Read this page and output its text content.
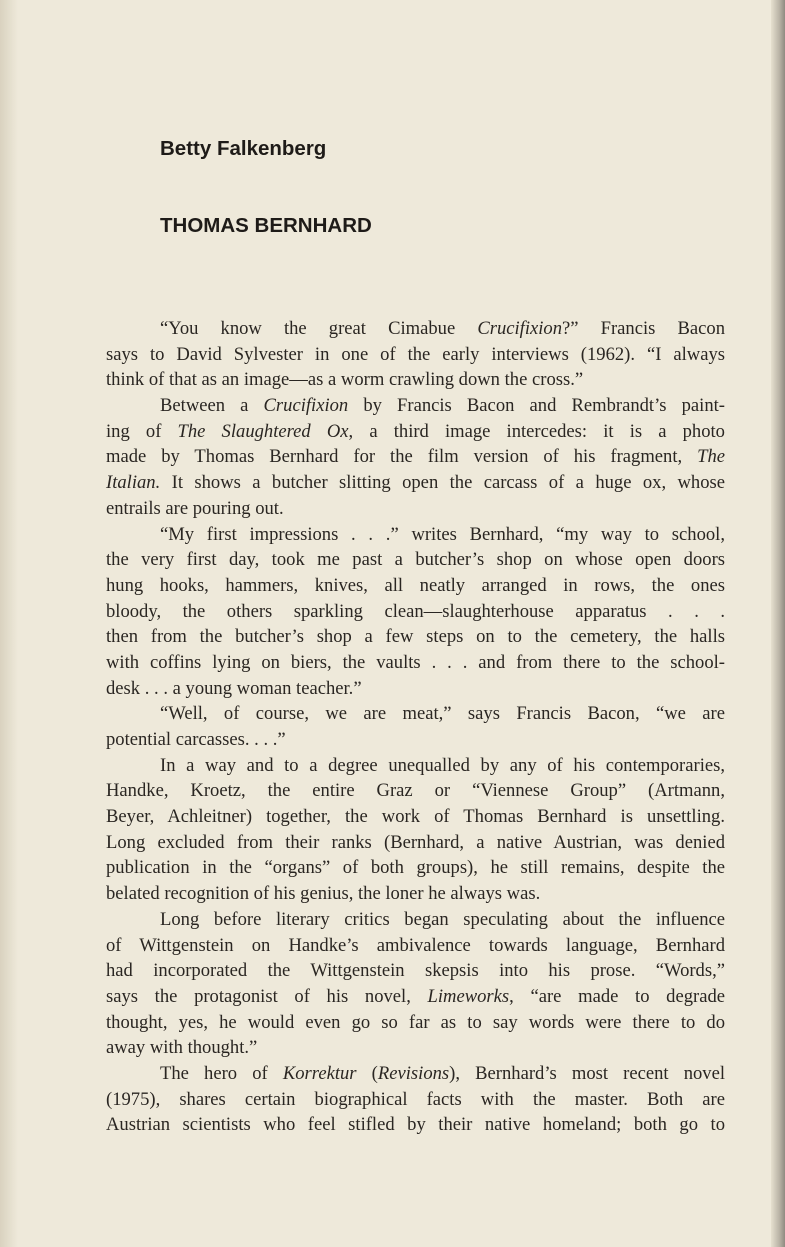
Betty Falkenberg
THOMAS BERNHARD
“You know the great Cimabue Crucifixion?” Francis Bacon
says to David Sylvester in one of the early interviews (1962). “I always
think of that as an image—as a worm crawling down the cross.”
Between a Crucifixion by Francis Bacon and Rembrandt’s paint-
ing of The Slaughtered Ox, a third image intercedes: it is a photo
made by Thomas Bernhard for the film version of his fragment, The
Italian. It shows a butcher slitting open the carcass of a huge ox, whose
entrails are pouring out.
“My first impressions . . .” writes Bernhard, “my way to school,
the very first day, took me past a butcher’s shop on whose open doors
hung hooks, hammers, knives, all neatly arranged in rows, the ones
bloody, the others sparkling clean—slaughterhouse apparatus . . .
then from the butcher’s shop a few steps on to the cemetery, the halls
with coffins lying on biers, the vaults . . . and from there to the school-
desk . . . a young woman teacher.”
“Well, of course, we are meat,” says Francis Bacon, “we are
potential carcasses. . . .”
In a way and to a degree unequalled by any of his contemporaries,
Handke, Kroetz, the entire Graz or “Viennese Group” (Artmann,
Beyer, Achleitner) together, the work of Thomas Bernhard is unsettling.
Long excluded from their ranks (Bernhard, a native Austrian, was denied
publication in the “organs” of both groups), he still remains, despite the
belated recognition of his genius, the loner he always was.
Long before literary critics began speculating about the influence
of Wittgenstein on Handke’s ambivalence towards language, Bernhard
had incorporated the Wittgenstein skepsis into his prose. “Words,”
says the protagonist of his novel, Limeworks, “are made to degrade
thought, yes, he would even go so far as to say words were there to do
away with thought.”
The hero of Korrektur (Revisions), Bernhard’s most recent novel
(1975), shares certain biographical facts with the master. Both are
Austrian scientists who feel stifled by their native homeland; both go to
